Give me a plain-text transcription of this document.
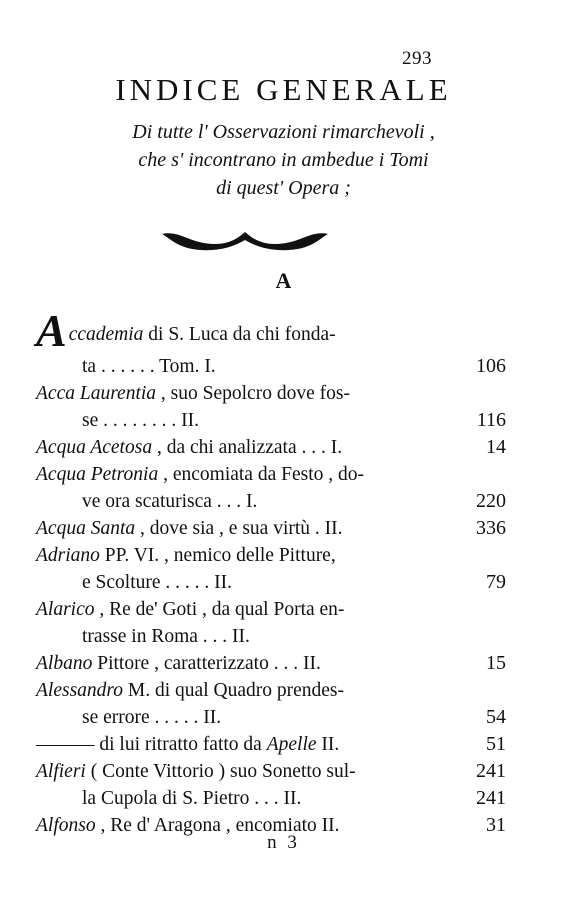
293
INDICE GENERALE
Di tutte l' Osservazioni rimarchevoli ,
che s' incontrano in ambedue i Tomi
di quest' Opera ;
A
Accademia di S. Luca da chi fonda-
ta . . . . . . Tom. I.	106
Acca Laurentia , suo Sepolcro dove fos-
se . . . . . . . . II.	116
Acqua Acetosa , da chi analizzata . . . I.	14
Acqua Petronia , encomiata da Festo , do-
ve ora scaturisca . . . I.	220
Acqua Santa , dove sia , e sua virtù . II.	336
Adriano PP. VI. , nemico delle Pitture,
e Scolture . . . . . II.	79
Alarico , Re de' Goti , da qual Porta en-
trasse in Roma . . . II.
Albano Pittore , caratterizzato . . . II.	15
Alessandro M. di qual Quadro prendes-
se errore . . . . . II.	54
——— di lui ritratto fatto da Apelle II.	51
Alfieri ( Conte Vittorio ) suo Sonetto sul-	241
la Cupola di S. Pietro . . . II.	241
Alfonso , Re d' Aragona , encomiato II.	31
n 3
